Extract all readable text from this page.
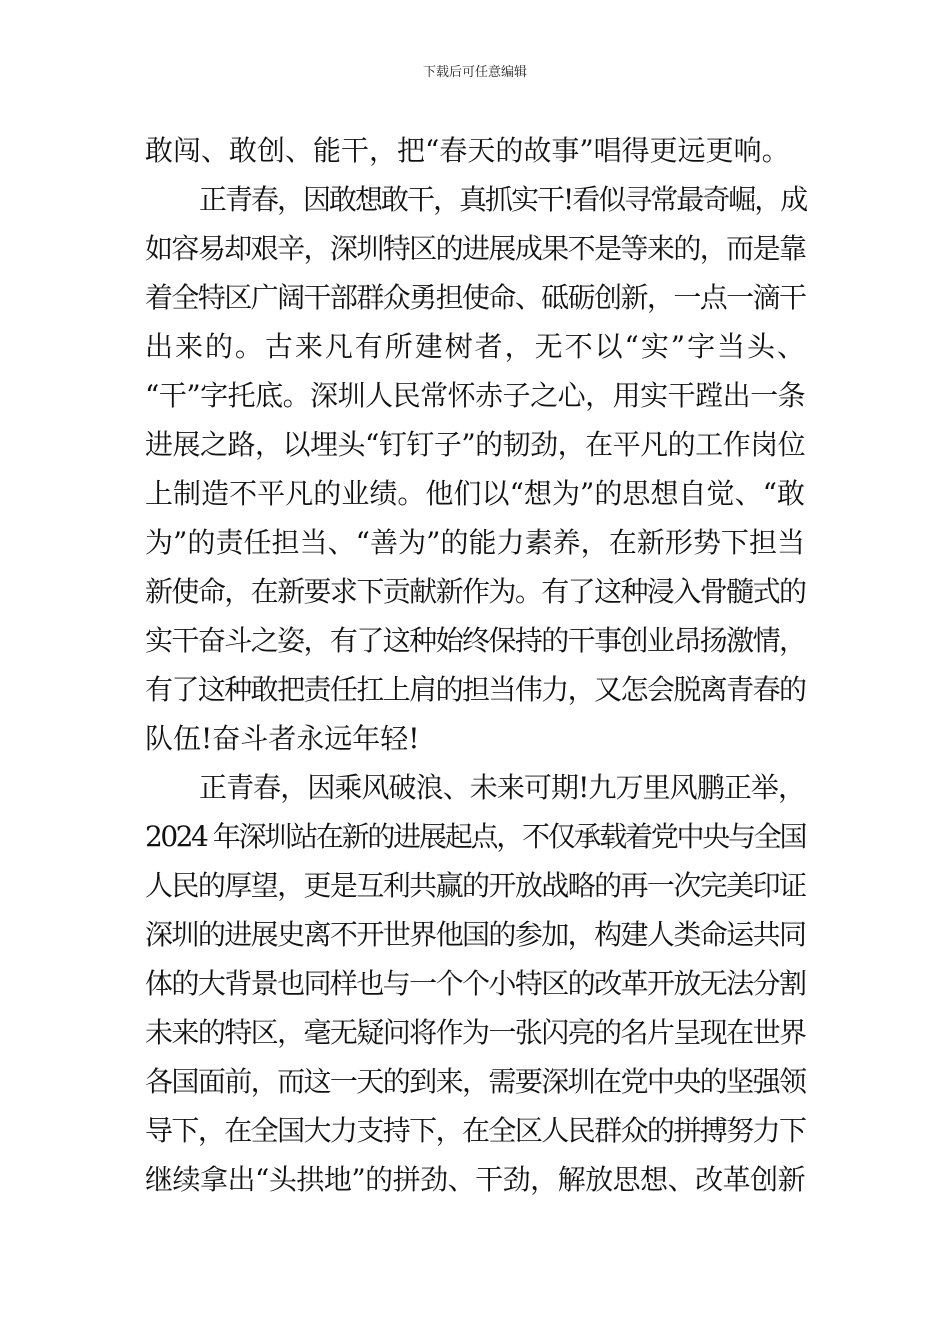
下载后可任意编辑
敢闯、敢创、能干，把“春天的故事”唱得更远更响。
正青春，因敢想敢干，真抓实干!看似寻常最奇崛，成
如容易却艰辛，深圳特区的进展成果不是等来的，而是靠
着全特区广阔干部群众勇担使命、砥砺创新，一点一滴干
出来的。古来凡有所建树者，无不以“实”字当头、
“干”字托底。深圳人民常怀赤子之心，用实干蹚出一条
进展之路，以埋头“钉钉子”的韧劲，在平凡的工作岗位
上制造不平凡的业绩。他们以“想为”的思想自觉、“敢
为”的责任担当、“善为”的能力素养，在新形势下担当
新使命，在新要求下贡献新作为。有了这种浸入骨髓式的
实干奋斗之姿，有了这种始终保持的干事创业昂扬激情，
有了这种敢把责任扛上肩的担当伟力，又怎会脱离青春的
队伍!奋斗者永远年轻!
正青春，因乘风破浪、未来可期!九万里风鹏正举，
2024 年深圳站在新的进展起点，不仅承载着党中央与全国
人民的厚望，更是互利共赢的开放战略的再一次完美印证
深圳的进展史离不开世界他国的参加，构建人类命运共同
体的大背景也同样也与一个个小特区的改革开放无法分割
未来的特区，毫无疑问将作为一张闪亮的名片呈现在世界
各国面前，而这一天的到来，需要深圳在党中央的坚强领
导下，在全国大力支持下，在全区人民群众的拼搏努力下
继续拿出“头拱地”的拼劲、干劲，解放思想、改革创新
